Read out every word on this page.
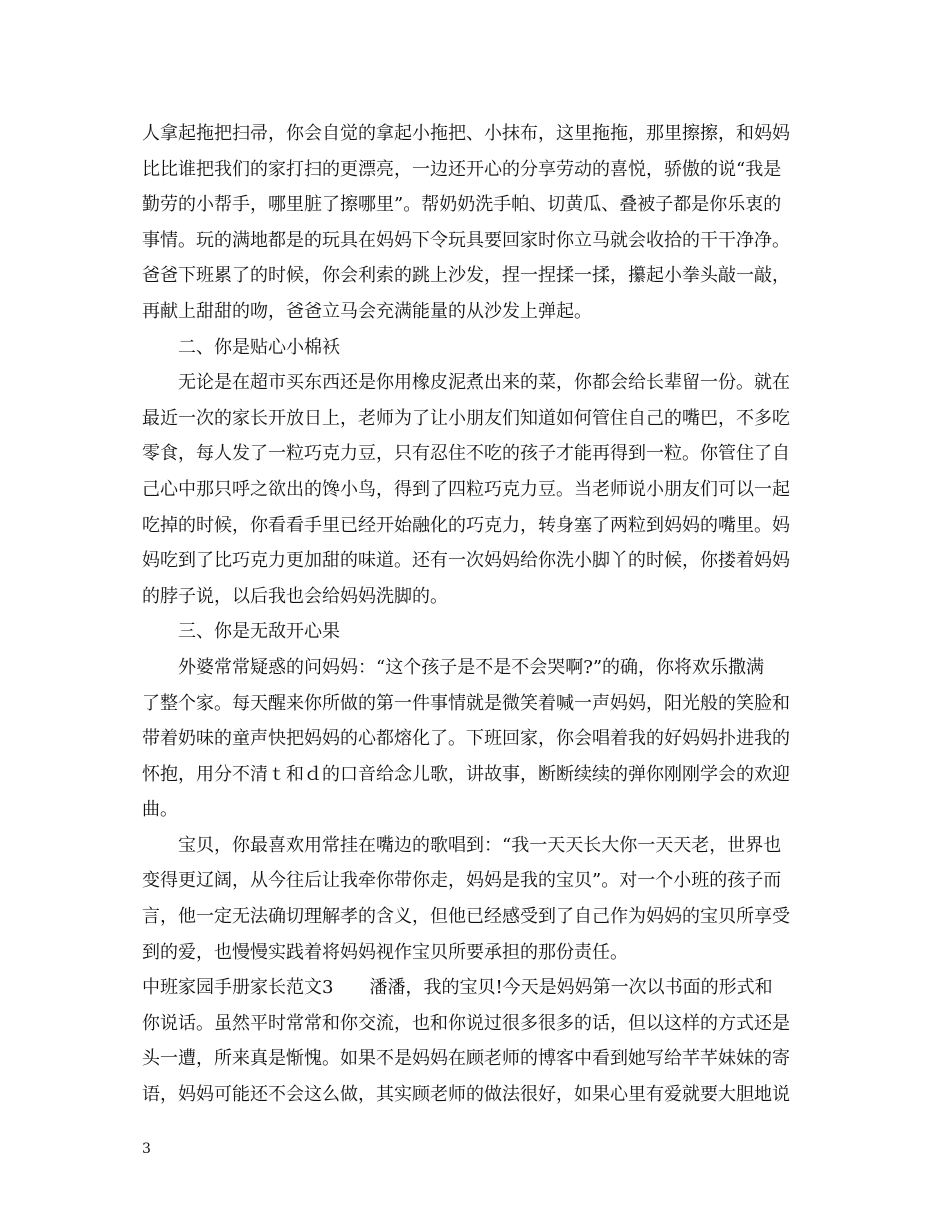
人拿起拖把扫帚，你会自觉的拿起小拖把、小抹布，这里拖拖，那里擦擦，和妈妈
比比谁把我们的家打扫的更漂亮，一边还开心的分享劳动的喜悦，骄傲的说“我是
勤劳的小帮手，哪里脏了擦哪里”。帮奶奶洗手帕、切黄瓜、叠被子都是你乐衷的
事情。玩的满地都是的玩具在妈妈下令玩具要回家时你立马就会收拾的干干净净。
爸爸下班累了的时候，你会利索的跳上沙发，捏一捏揉一揉，攥起小拳头敲一敲，
再献上甜甜的吻，爸爸立马会充满能量的从沙发上弹起。
二、你是贴心小棉袄
无论是在超市买东西还是你用橡皮泥煮出来的菜，你都会给长辈留一份。就在
最近一次的家长开放日上，老师为了让小朋友们知道如何管住自己的嘴巴，不多吃
零食，每人发了一粒巧克力豆，只有忍住不吃的孩子才能再得到一粒。你管住了自
己心中那只呼之欲出的馋小鸟，得到了四粒巧克力豆。当老师说小朋友们可以一起
吃掉的时候，你看看手里已经开始融化的巧克力，转身塞了两粒到妈妈的嘴里。妈
妈吃到了比巧克力更加甜的味道。还有一次妈妈给你洗小脚丫的时候，你搂着妈妈
的脖子说，以后我也会给妈妈洗脚的。
三、你是无敌开心果
外婆常常疑惑的问妈妈：“这个孩子是不是不会哭啊?”的确，你将欢乐撒满
了整个家。每天醒来你所做的第一件事情就是微笑着喊一声妈妈，阳光般的笑脸和
带着奶味的童声快把妈妈的心都熔化了。下班回家，你会唱着我的好妈妈扑进我的
怀抱，用分不清ｔ和ｄ的口音给念儿歌，讲故事，断断续续的弹你刚刚学会的欢迎
曲。
宝贝，你最喜欢用常挂在嘴边的歌唱到：“我一天天长大你一天天老，世界也
变得更辽阔，从今往后让我牵你带你走，妈妈是我的宝贝”。对一个小班的孩子而
言，他一定无法确切理解孝的含义，但他已经感受到了自己作为妈妈的宝贝所享受
到的爱，也慢慢实践着将妈妈视作宝贝所要承担的那份责任。
中班家园手册家长范文3　　潘潘，我的宝贝!今天是妈妈第一次以书面的形式和
你说话。虽然平时常常和你交流，也和你说过很多很多的话，但以这样的方式还是
头一遭，所来真是惭愧。如果不是妈妈在顾老师的博客中看到她写给芊芊妹妹的寄
语，妈妈可能还不会这么做，其实顾老师的做法很好，如果心里有爱就要大胆地说
3
